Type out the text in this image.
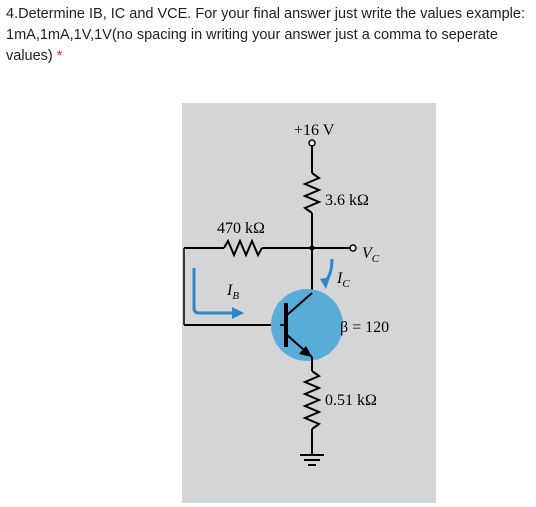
4.Determine IB, IC and VCE. For your final answer just write the values example: 1mA,1mA,1V,1V(no spacing in writing your answer just a comma to seperate values) *
+16 V
3.6 kΩ
470 kΩ
$V_C$
$I_C$
$I_B$
β = 120
0.51 kΩ
